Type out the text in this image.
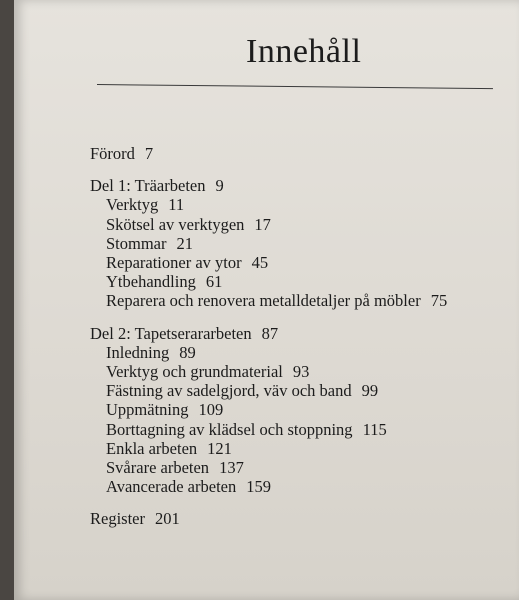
Innehåll
Förord 7
Del 1: Träarbeten 9
Verktyg 11
Skötsel av verktygen 17
Stommar 21
Reparationer av ytor 45
Ytbehandling 61
Reparera och renovera metalldetaljer på möbler 75
Del 2: Tapetserararbeten 87
Inledning 89
Verktyg och grundmaterial 93
Fästning av sadelgjord, väv och band 99
Uppmätning 109
Borttagning av klädsel och stoppning 115
Enkla arbeten 121
Svårare arbeten 137
Avancerade arbeten 159
Register 201
